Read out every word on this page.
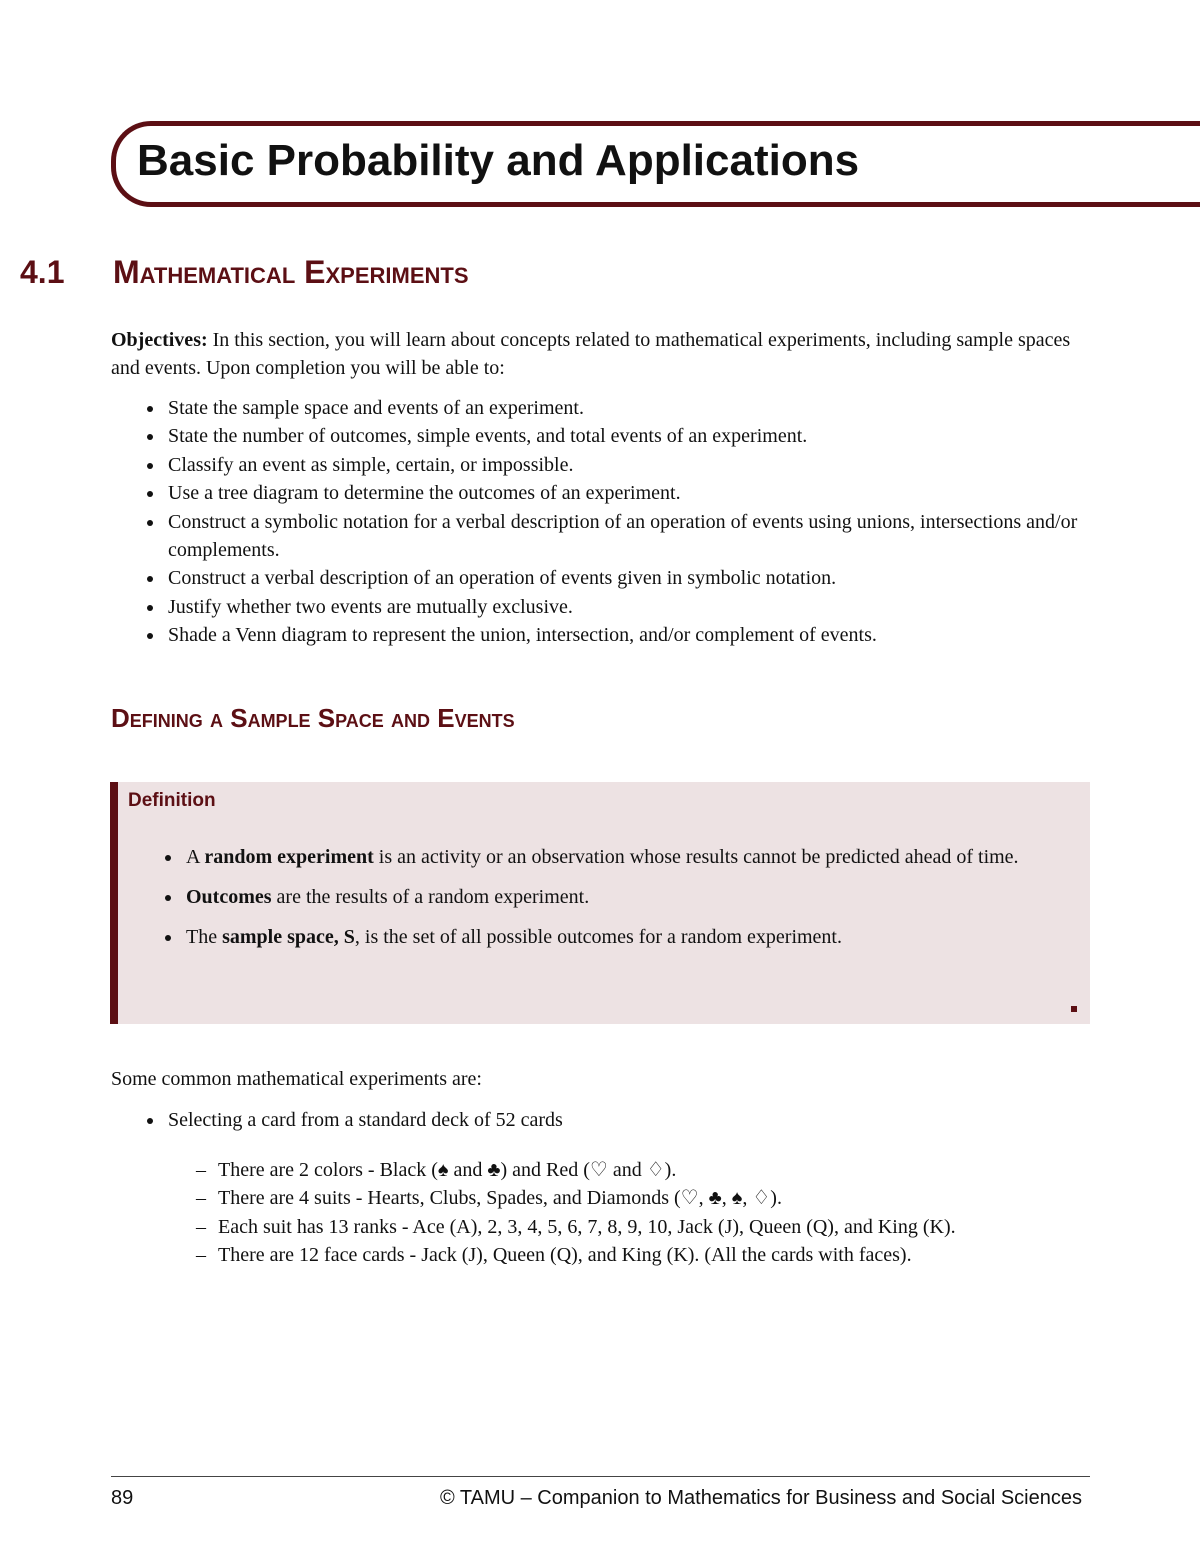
Basic Probability and Applications
4.1 Mathematical Experiments
Objectives: In this section, you will learn about concepts related to mathematical experiments, including sample spaces and events. Upon completion you will be able to:
State the sample space and events of an experiment.
State the number of outcomes, simple events, and total events of an experiment.
Classify an event as simple, certain, or impossible.
Use a tree diagram to determine the outcomes of an experiment.
Construct a symbolic notation for a verbal description of an operation of events using unions, intersections and/or complements.
Construct a verbal description of an operation of events given in symbolic notation.
Justify whether two events are mutually exclusive.
Shade a Venn diagram to represent the union, intersection, and/or complement of events.
Defining a Sample Space and Events
Definition
A random experiment is an activity or an observation whose results cannot be predicted ahead of time.
Outcomes are the results of a random experiment.
The sample space, S, is the set of all possible outcomes for a random experiment.
Some common mathematical experiments are:
Selecting a card from a standard deck of 52 cards
– There are 2 colors - Black (♠ and ♣) and Red (♡ and ♢).
– There are 4 suits - Hearts, Clubs, Spades, and Diamonds (♡, ♣, ♠, ♢).
– Each suit has 13 ranks - Ace (A), 2, 3, 4, 5, 6, 7, 8, 9, 10, Jack (J), Queen (Q), and King (K).
– There are 12 face cards - Jack (J), Queen (Q), and King (K). (All the cards with faces).
89	© TAMU – Companion to Mathematics for Business and Social Sciences
